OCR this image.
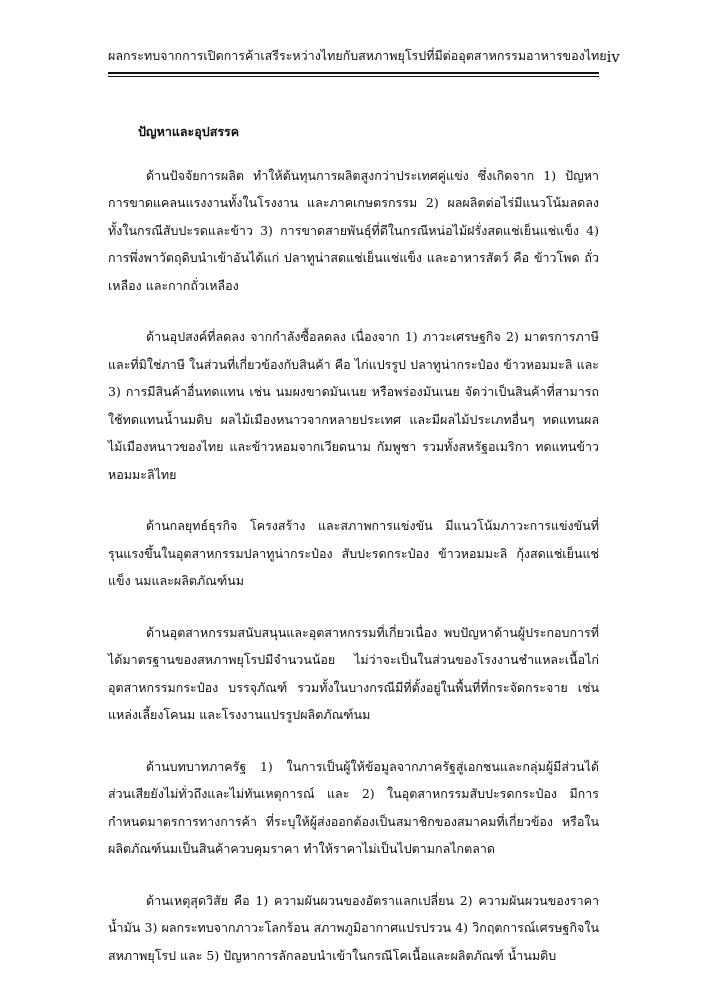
ผลกระทบจากการเปิดการค้าเสรีระหว่างไทยกับสหภาพยุโรปที่มีต่ออุตสาหกรรมอาหารของไทย iv
ปัญหาและอุปสรรค

ด้านปัจจัยการผลิต ทำให้ต้นทุนการผลิตสูงกว่าประเทศคู่แข่ง ซึ่งเกิดจาก 1) ปัญหาการขาดแคลนแรงงานทั้งในโรงงาน และภาคเกษตรกรรม 2) ผลผลิตต่อไร่มีแนวโน้มลดลง ทั้งในกรณีสับปะรดและข้าว 3) การขาดสายพันธุ์ที่ดีในกรณีหน่อไม้ฝรั่งสดแช่เย็นแช่แข็ง 4) การพึ่งพาวัตถุดิบนำเข้าอันได้แก่ ปลาทูน่าสดแช่เย็นแช่แข็ง และอาหารสัตว์ คือ ข้าวโพด ถั่วเหลือง และกากถั่วเหลือง

ด้านอุปสงค์ที่ลดลง จากกำลังซื้อลดลง เนื่องจาก 1) ภาวะเศรษฐกิจ 2) มาตรการภาษีและที่มิใช่ภาษี ในส่วนที่เกี่ยวข้องกับสินค้า คือ ไก่แปรรูป ปลาทูน่ากระป๋อง ข้าวหอมมะลิ และ 3) การมีสินค้าอื่นทดแทน เช่น นมผงขาดมันเนย หรือพร่องมันเนย จัดว่าเป็นสินค้าที่สามารถใช้ทดแทนน้ำนมดิบ ผลไม้เมืองหนาวจากหลายประเทศ และมีผลไม้ประเภทอื่นๆ ทดแทนผลไม้เมืองหนาวของไทย และข้าวหอมจากเวียดนาม กัมพูชา รวมทั้งสหรัฐอเมริกา ทดแทนข้าวหอมมะลิไทย

ด้านกลยุทธ์ธุรกิจ โครงสร้าง และสภาพการแข่งขัน มีแนวโน้มภาวะการแข่งขันที่รุนแรงขึ้นในอุตสาหกรรมปลาทูน่ากระป๋อง สับปะรดกระป๋อง ข้าวหอมมะลิ กุ้งสดแช่เย็นแช่แข็ง นมและผลิตภัณฑ์นม

ด้านอุตสาหกรรมสนับสนุนและอุตสาหกรรมที่เกี่ยวเนื่อง พบปัญหาด้านผู้ประกอบการที่ได้มาตรฐานของสหภาพยุโรปมีจำนวนน้อย ไม่ว่าจะเป็นในส่วนของโรงงานชำแหละเนื้อไก่ อุตสาหกรรมกระป๋อง บรรจุภัณฑ์ รวมทั้งในบางกรณีมีที่ตั้งอยู่ในพื้นที่ที่กระจัดกระจาย เช่น แหล่งเลี้ยงโคนม และโรงงานแปรรูปผลิตภัณฑ์นม

ด้านบทบาทภาครัฐ 1) ในการเป็นผู้ให้ข้อมูลจากภาครัฐสู่เอกชนและกลุ่มผู้มีส่วนได้ส่วนเสียยังไม่ทั่วถึงและไม่ทันเหตุการณ์ และ 2) ในอุตสาหกรรมสับปะรดกระป๋อง มีการกำหนดมาตรการทางการค้า ที่ระบุให้ผู้ส่งออกต้องเป็นสมาชิกของสมาคมที่เกี่ยวข้อง หรือในผลิตภัณฑ์นมเป็นสินค้าควบคุมราคา ทำให้ราคาไม่เป็นไปตามกลไกตลาด

ด้านเหตุสุดวิสัย คือ 1) ความผันผวนของอัตราแลกเปลี่ยน 2) ความผันผวนของราคาน้ำมัน 3) ผลกระทบจากภาวะโลกร้อน สภาพภูมิอากาศแปรปรวน 4) วิกฤตการณ์เศรษฐกิจในสหภาพยุโรป และ 5) ปัญหาการลักลอบนำเข้าในกรณีโคเนื้อและผลิตภัณฑ์ น้ำนมดิบ
